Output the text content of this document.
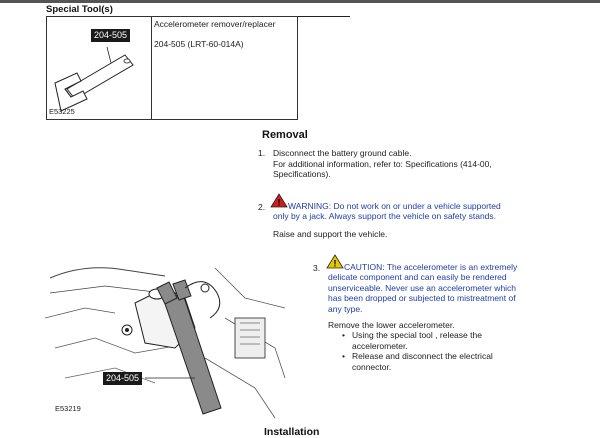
Special Tool(s)
204-505
E53225
Accelerometer remover/replacer
204-505 (LRT-60-014A)
Removal
1. Disconnect the battery ground cable.
For additional information, refer to: Specifications (414-00,
Specifications).
2. ! WARNING: Do not work on or under a vehicle supported
only by a jack. Always support the vehicle on safety stands.
Raise and support the vehicle.
204-505
E53219
3. ! CAUTION: The accelerometer is an extremely
delicate component and can easily be rendered
unserviceable. Never use an accelerometer which
has been dropped or subjected to mistreatment of
any type.
Remove the lower accelerometer.
• Using the special tool , release the
accelerometer.
• Release and disconnect the electrical
connector.
Installation
